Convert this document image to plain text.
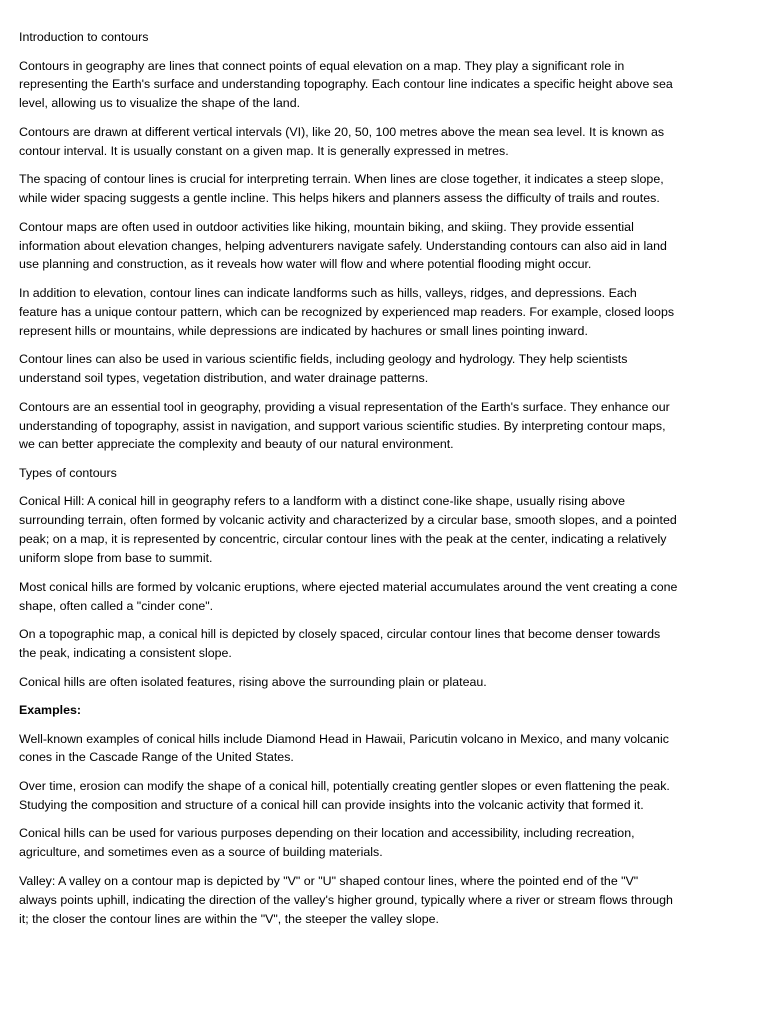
Introduction to contours

Contours in geography are lines that connect points of equal elevation on a map. They play a significant role in representing the Earth's surface and understanding topography. Each contour line indicates a specific height above sea level, allowing us to visualize the shape of the land.

Contours are drawn at different vertical intervals (VI), like 20, 50, 100 metres above the mean sea level. It is known as contour interval. It is usually constant on a given map. It is generally expressed in metres.

The spacing of contour lines is crucial for interpreting terrain. When lines are close together, it indicates a steep slope, while wider spacing suggests a gentle incline. This helps hikers and planners assess the difficulty of trails and routes.

Contour maps are often used in outdoor activities like hiking, mountain biking, and skiing. They provide essential information about elevation changes, helping adventurers navigate safely. Understanding contours can also aid in land use planning and construction, as it reveals how water will flow and where potential flooding might occur.

In addition to elevation, contour lines can indicate landforms such as hills, valleys, ridges, and depressions. Each feature has a unique contour pattern, which can be recognized by experienced map readers. For example, closed loops represent hills or mountains, while depressions are indicated by hachures or small lines pointing inward.

Contour lines can also be used in various scientific fields, including geology and hydrology. They help scientists understand soil types, vegetation distribution, and water drainage patterns.

Contours are an essential tool in geography, providing a visual representation of the Earth's surface. They enhance our understanding of topography, assist in navigation, and support various scientific studies. By interpreting contour maps, we can better appreciate the complexity and beauty of our natural environment.

Types of contours

Conical Hill: A conical hill in geography refers to a landform with a distinct cone-like shape, usually rising above surrounding terrain, often formed by volcanic activity and characterized by a circular base, smooth slopes, and a pointed peak; on a map, it is represented by concentric, circular contour lines with the peak at the center, indicating a relatively uniform slope from base to summit.

Most conical hills are formed by volcanic eruptions, where ejected material accumulates around the vent creating a cone shape, often called a "cinder cone".

On a topographic map, a conical hill is depicted by closely spaced, circular contour lines that become denser towards the peak, indicating a consistent slope.

Conical hills are often isolated features, rising above the surrounding plain or plateau.

Examples:

Well-known examples of conical hills include Diamond Head in Hawaii, Paricutin volcano in Mexico, and many volcanic cones in the Cascade Range of the United States.

Over time, erosion can modify the shape of a conical hill, potentially creating gentler slopes or even flattening the peak. Studying the composition and structure of a conical hill can provide insights into the volcanic activity that formed it.

Conical hills can be used for various purposes depending on their location and accessibility, including recreation, agriculture, and sometimes even as a source of building materials.

Valley: A valley on a contour map is depicted by "V" or "U" shaped contour lines, where the pointed end of the "V" always points uphill, indicating the direction of the valley's higher ground, typically where a river or stream flows through it; the closer the contour lines are within the "V", the steeper the valley slope.
